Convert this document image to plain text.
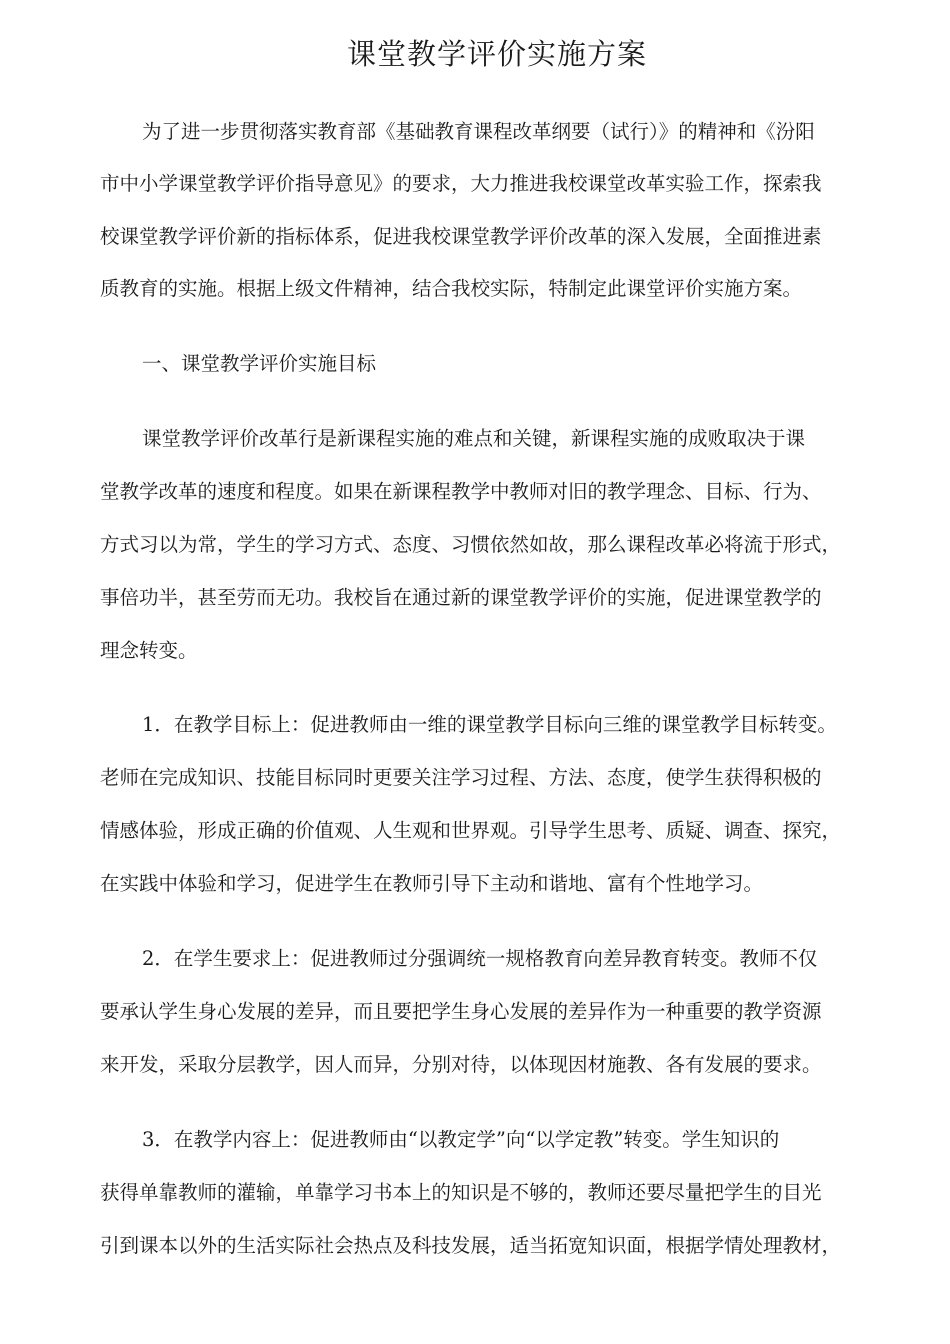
课堂教学评价实施方案
为了进一步贯彻落实教育部《基础教育课程改革纲要（试行）》的精神和《汾阳
市中小学课堂教学评价指导意见》的要求，大力推进我校课堂改革实验工作，探索我
校课堂教学评价新的指标体系，促进我校课堂教学评价改革的深入发展，全面推进素
质教育的实施。根据上级文件精神，结合我校实际，特制定此课堂评价实施方案。
一、课堂教学评价实施目标
课堂教学评价改革行是新课程实施的难点和关键，新课程实施的成败取决于课
堂教学改革的速度和程度。如果在新课程教学中教师对旧的教学理念、目标、行为、
方式习以为常，学生的学习方式、态度、习惯依然如故，那么课程改革必将流于形式，
事倍功半，甚至劳而无功。我校旨在通过新的课堂教学评价的实施，促进课堂教学的
理念转变。
1．在教学目标上：促进教师由一维的课堂教学目标向三维的课堂教学目标转变。
老师在完成知识、技能目标同时更要关注学习过程、方法、态度，使学生获得积极的
情感体验，形成正确的价值观、人生观和世界观。引导学生思考、质疑、调查、探究，
在实践中体验和学习，促进学生在教师引导下主动和谐地、富有个性地学习。
2．在学生要求上：促进教师过分强调统一规格教育向差异教育转变。教师不仅
要承认学生身心发展的差异，而且要把学生身心发展的差异作为一种重要的教学资源
来开发，采取分层教学，因人而异，分别对待，以体现因材施教、各有发展的要求。
3．在教学内容上：促进教师由“以教定学”向“以学定教”转变。学生知识的
获得单靠教师的灌输，单靠学习书本上的知识是不够的，教师还要尽量把学生的目光
引到课本以外的生活实际社会热点及科技发展，适当拓宽知识面，根据学情处理教材，
